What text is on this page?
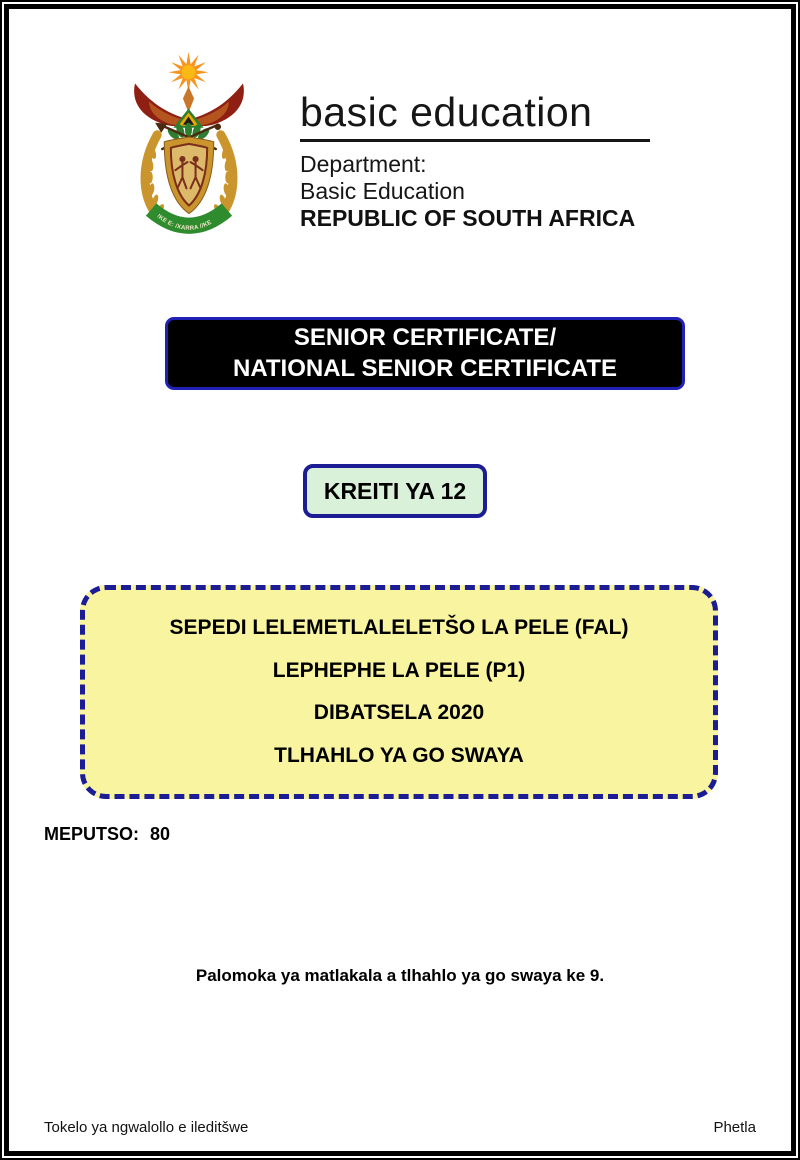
!KE E: /XARRA //KE
basic education
Department:
Basic Education
REPUBLIC OF SOUTH AFRICA
SENIOR CERTIFICATE/
NATIONAL SENIOR CERTIFICATE
KREITI YA 12
SEPEDI LELEMETLALELETŠO LA PELE (FAL)
LEPHEPHE LA PELE (P1)
DIBATSELA 2020
TLHAHLO YA GO SWAYA
MEPUTSO: 80
Palomoka ya matlakala a tlhahlo ya go swaya ke 9.
Tokelo ya ngwalollo e ileditšwe	Phetla
